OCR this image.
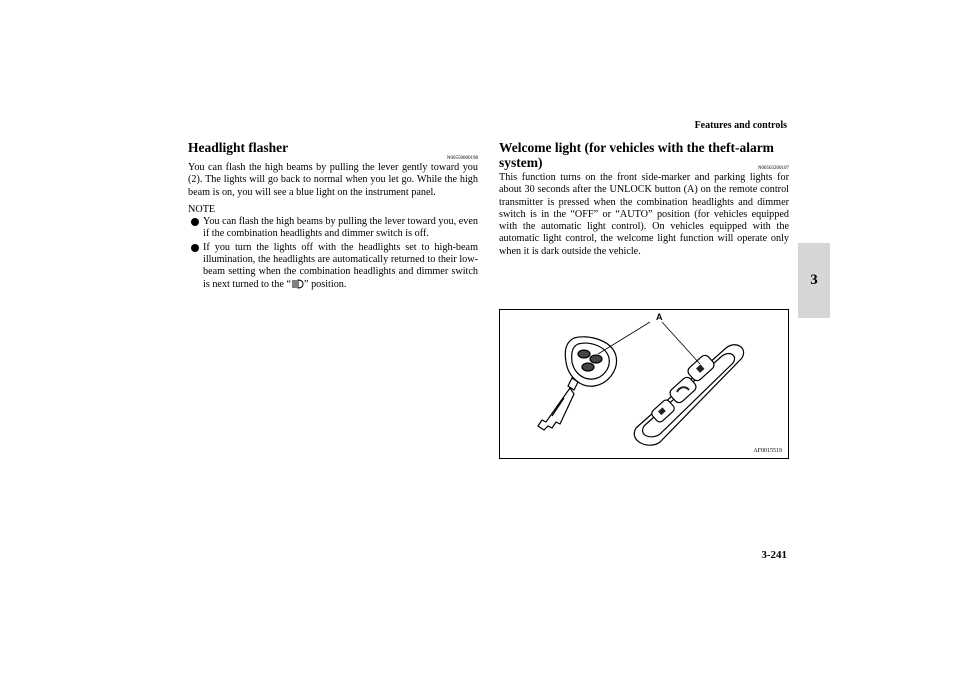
Features and controls
3
3-241
Headlight flasher
N00550000198

You can flash the high beams by pulling the lever gently toward you (2). The lights will go back to normal when you let go. While the high beam is on, you will see a blue light on the instrument panel.

NOTE
You can flash the high beams by pulling the lever toward you, even if the combination headlights and dimmer switch is off.
If you turn the lights off with the headlights set to high-beam illumination, the headlights are automatically returned to their low-beam setting when the combination headlights and dimmer switch is next turned to the “ ” position.
Welcome light (for vehicles with the theft-alarm system)	N00563200107

This function turns on the front side-marker and parking lights for about 30 seconds after the UNLOCK button (A) on the remote control transmitter is pressed when the combination headlights and dimmer switch is in the “OFF” or “AUTO” position (for vehicles equipped with the automatic light control). On vehicles equipped with the automatic light control, the welcome light function will operate only when it is dark outside the vehicle.

A
AF0015519
